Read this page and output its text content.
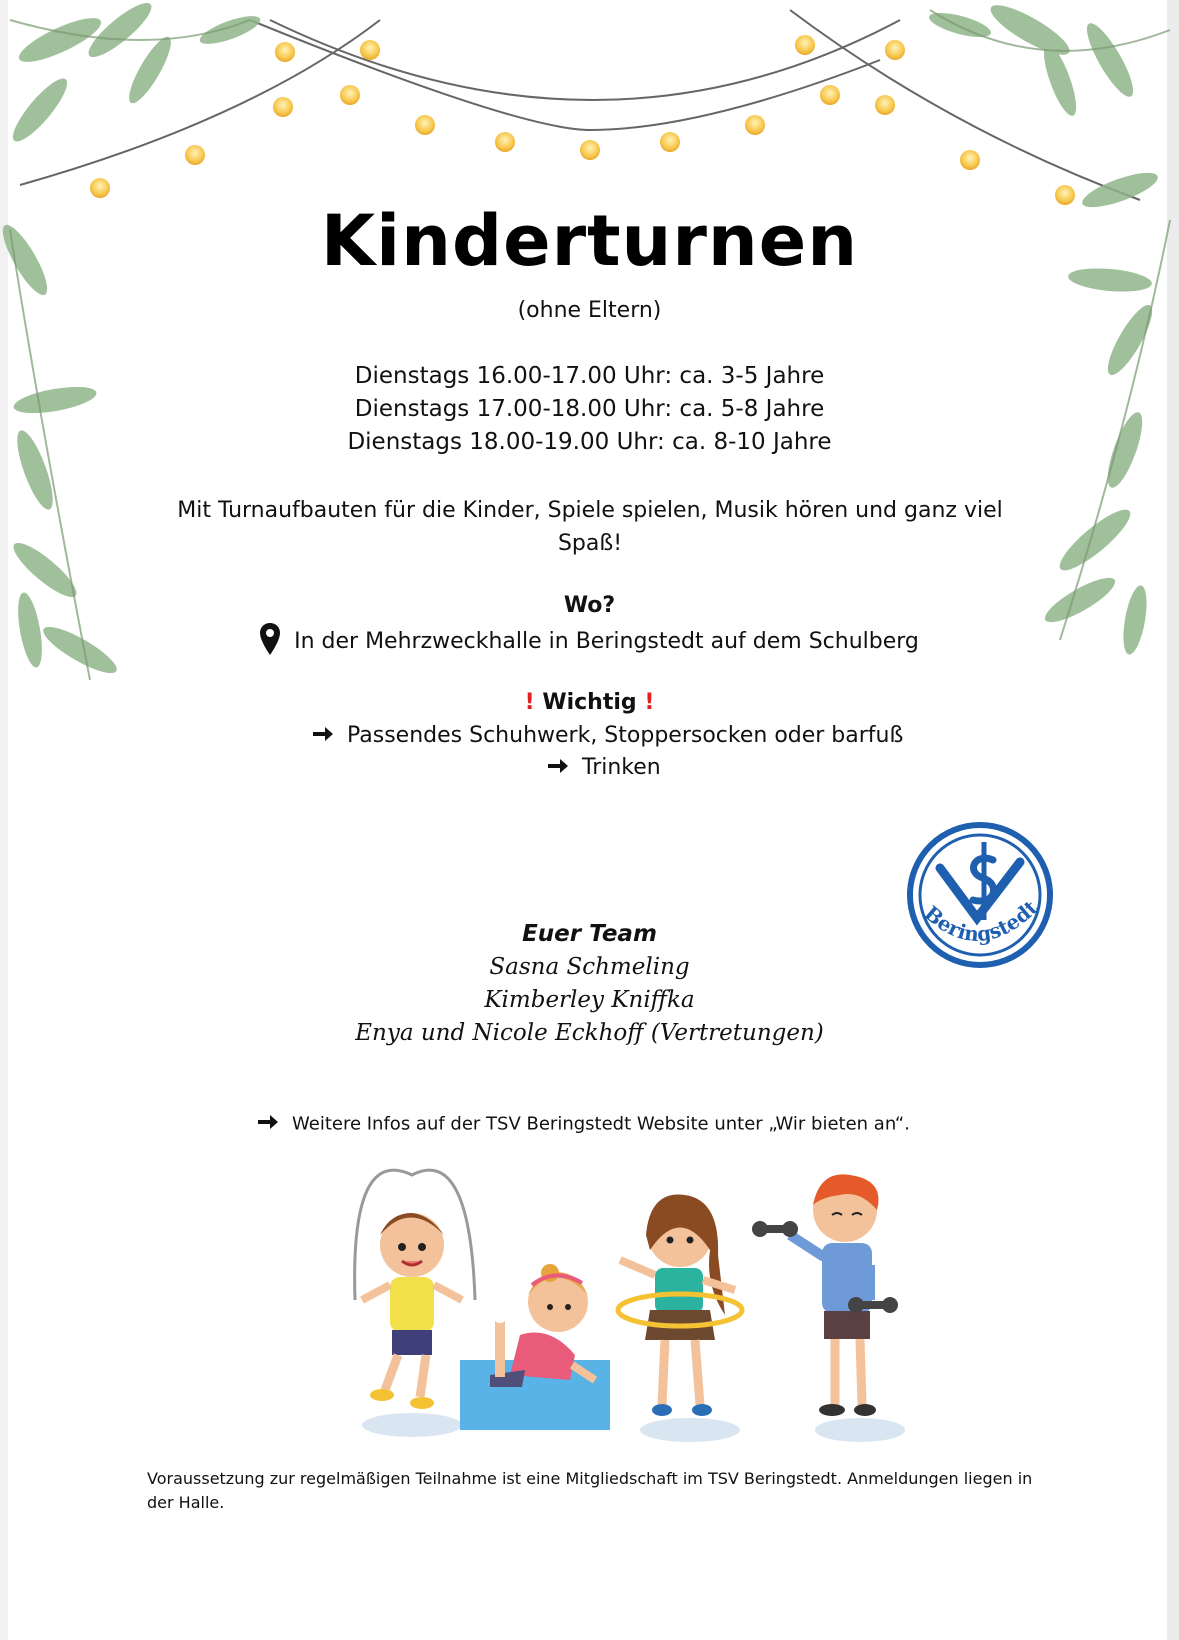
Kinderturnen
(ohne Eltern)
Dienstags 16.00-17.00 Uhr: ca. 3-5 Jahre
Dienstags 17.00-18.00 Uhr: ca. 5-8 Jahre
Dienstags 18.00-19.00 Uhr: ca. 8-10 Jahre
Mit Turnaufbauten für die Kinder, Spiele spielen, Musik hören und ganz viel Spaß!
Wo?
In der Mehrzweckhalle in Beringstedt auf dem Schulberg
! Wichtig !
Passendes Schuhwerk, Stoppersocken oder barfuß
Trinken
Beringstedt
Euer Team
Sasna Schmeling
Kimberley Kniffka
Enya und Nicole Eckhoff (Vertretungen)
Weitere Infos auf der TSV Beringstedt Website unter „Wir bieten an“.
Voraussetzung zur regelmäßigen Teilnahme ist eine Mitgliedschaft im TSV Beringstedt. Anmeldungen liegen in der Halle.
